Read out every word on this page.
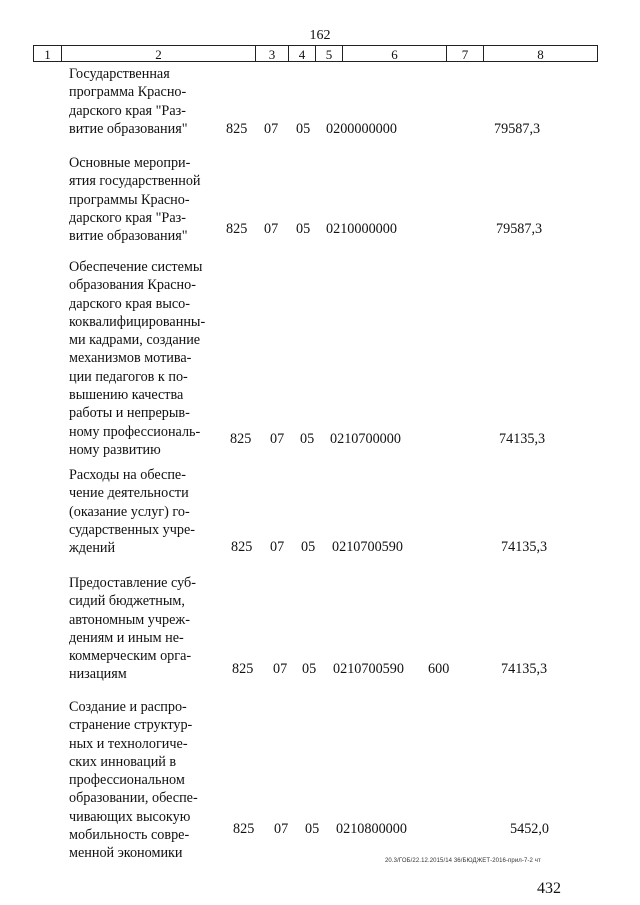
162
1	2	3	4	5	6	7	8
Государственная
программа Красно-
дарского края "Раз-
витие образования"	825 07 05 0200000000	79587,3
Основные меропри-
ятия государственной
программы Красно-
дарского края "Раз-
витие образования"	825 07 05 0210000000	79587,3
Обеспечение системы
образования Красно-
дарского края высо-
коквалифицированны-
ми кадрами, создание
механизмов мотива-
ции педагогов к по-
вышению качества
работы и непрерыв-
ному профессиональ-
ному развитию
825 07 05 0210700000	74135,3
Расходы на обеспе-
чение деятельности
(оказание услуг) го-
сударственных учре-
ждений	825 07 05 0210700590	74135,3
Предоставление суб-
сидий бюджетным,
автономным учреж-
дениям и иным не-
коммерческим орга-
низациям	825 07 05 0210700590 600	74135,3
Создание и распро-
странение структур-
ных и технологиче-
ских инноваций в
профессиональном
образовании, обеспе-
чивающих высокую
мобильность совре-
менной экономики
825 07 05 0210800000	5452,0
20.3/ГОБ/22.12.2015/14 36/БЮДЖЕТ-2016-прил-7-2 чт
432
